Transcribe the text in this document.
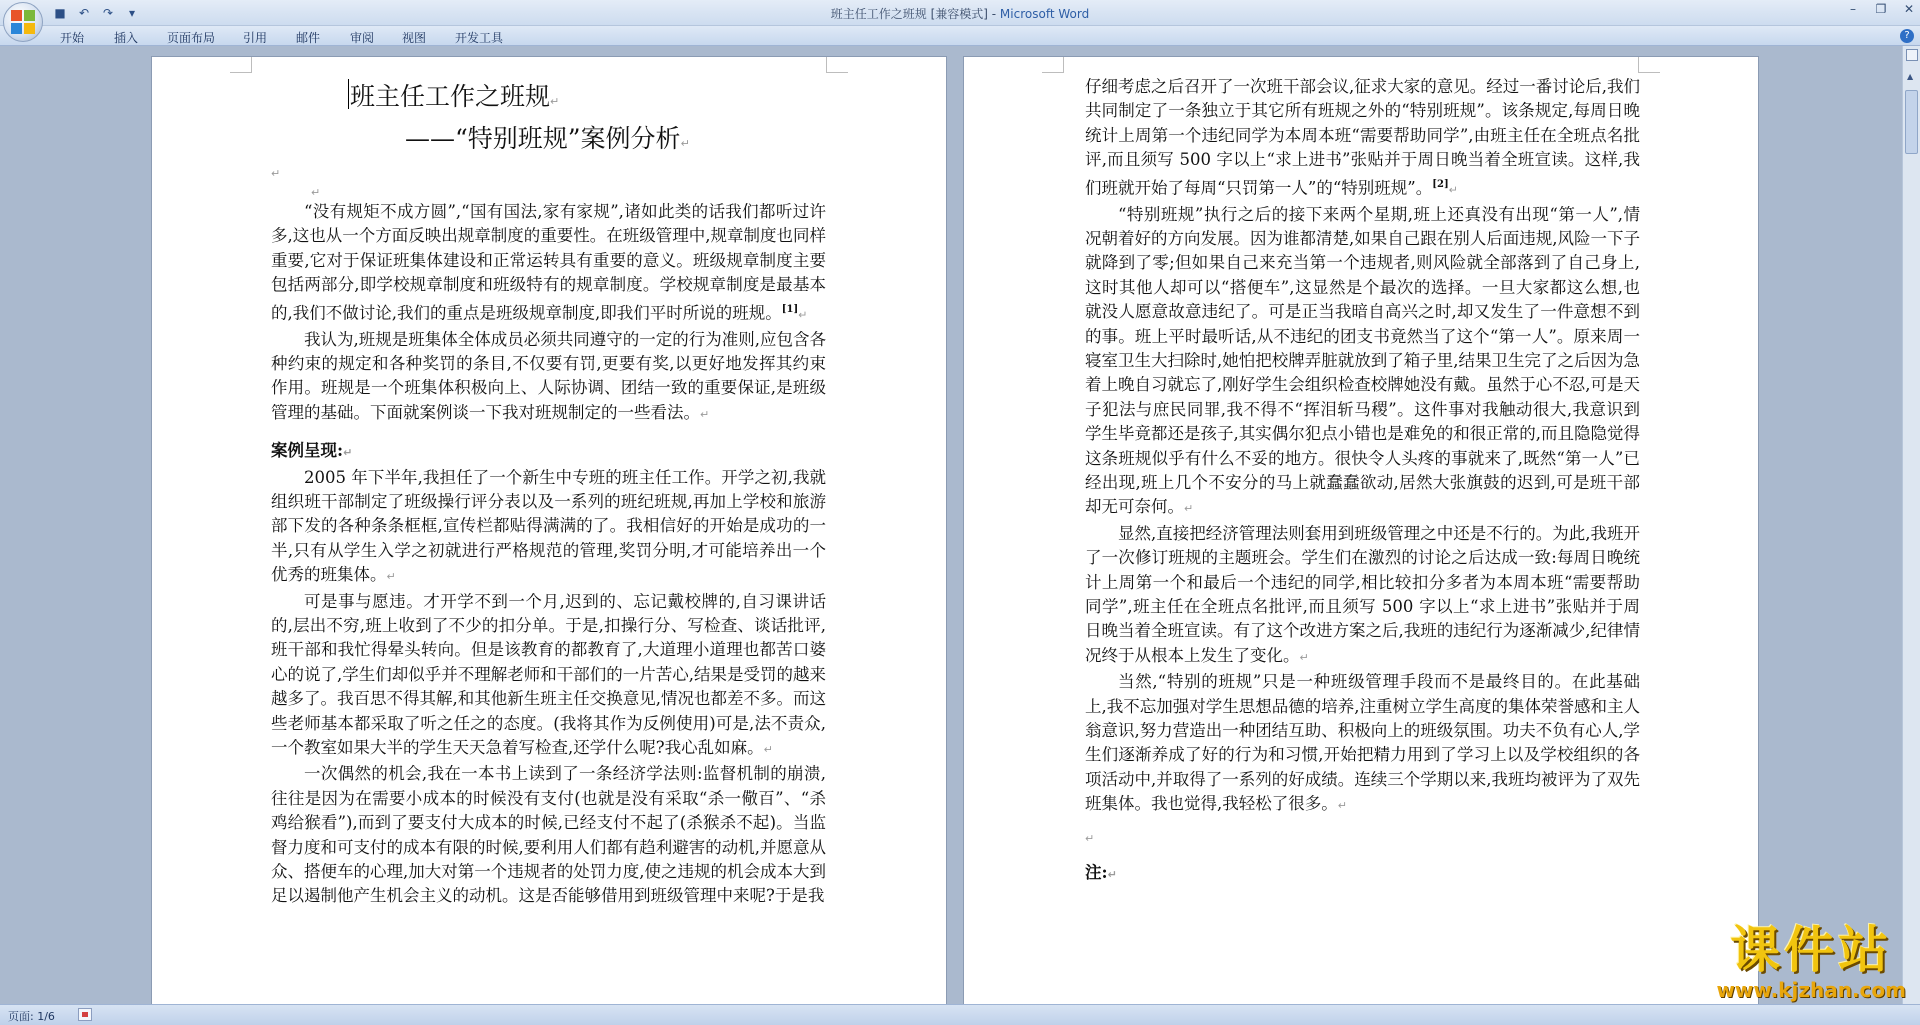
■ ↶ ↷	▾	班主任工作之班规 [兼容模式] - Microsoft Word	–	❐ ✕
开始 插入 页面布局 引用 邮件 审阅 视图 开发工具	?
班主任工作之班规↵
——“特别班规”案例分析↵
↵
↵
“没有规矩不成方圆”,“国有国法,家有家规”,诸如此类的话我们都听过许多,这也从一个方面反映出规章制度的重要性。在班级管理中,规章制度也同样重要,它对于保证班集体建设和正常运转具有重要的意义。班级规章制度主要包括两部分,即学校规章制度和班级特有的规章制度。学校规章制度是最基本的,我们不做讨论,我们的重点是班级规章制度,即我们平时所说的班规。[1]↵
我认为,班规是班集体全体成员必须共同遵守的一定的行为准则,应包含各种约束的规定和各种奖罚的条目,不仅要有罚,更要有奖,以更好地发挥其约束作用。班规是一个班集体积极向上、人际协调、团结一致的重要保证,是班级管理的基础。下面就案例谈一下我对班规制定的一些看法。↵
案例呈现:↵
2005 年下半年,我担任了一个新生中专班的班主任工作。开学之初,我就组织班干部制定了班级操行评分表以及一系列的班纪班规,再加上学校和旅游部下发的各种条条框框,宣传栏都贴得满满的了。我相信好的开始是成功的一半,只有从学生入学之初就进行严格规范的管理,奖罚分明,才可能培养出一个优秀的班集体。↵
可是事与愿违。才开学不到一个月,迟到的、忘记戴校牌的,自习课讲话的,层出不穷,班上收到了不少的扣分单。于是,扣操行分、写检查、谈话批评,班干部和我忙得晕头转向。但是该教育的都教育了,大道理小道理也都苦口婆心的说了,学生们却似乎并不理解老师和干部们的一片苦心,结果是受罚的越来越多了。我百思不得其解,和其他新生班主任交换意见,情况也都差不多。而这些老师基本都采取了听之任之的态度。(我将其作为反例使用)可是,法不责众,一个教室如果大半的学生天天急着写检查,还学什么呢?我心乱如麻。↵
一次偶然的机会,我在一本书上读到了一条经济学法则:监督机制的崩溃,往往是因为在需要小成本的时候没有支付(也就是没有采取“杀一儆百”、“杀鸡给猴看”),而到了要支付大成本的时候,已经支付不起了(杀猴杀不起)。当监督力度和可支付的成本有限的时候,要利用人们都有趋利避害的动机,并愿意从众、搭便车的心理,加大对第一个违规者的处罚力度,使之违规的机会成本大到足以遏制他产生机会主义的动机。这是否能够借用到班级管理中来呢?于是我
仔细考虑之后召开了一次班干部会议,征求大家的意见。经过一番讨论后,我们共同制定了一条独立于其它所有班规之外的“特别班规”。该条规定,每周日晚统计上周第一个违纪同学为本周本班“需要帮助同学”,由班主任在全班点名批评,而且须写 500 字以上“求上进书”张贴并于周日晚当着全班宣读。这样,我们班就开始了每周“只罚第一人”的“特别班规”。[2]↵
“特别班规”执行之后的接下来两个星期,班上还真没有出现“第一人”,情况朝着好的方向发展。因为谁都清楚,如果自己跟在别人后面违规,风险一下子就降到了零;但如果自己来充当第一个违规者,则风险就全部落到了自己身上,这时其他人却可以“搭便车”,这显然是个最次的选择。一旦大家都这么想,也就没人愿意故意违纪了。可是正当我暗自高兴之时,却又发生了一件意想不到的事。班上平时最听话,从不违纪的团支书竟然当了这个“第一人”。原来周一寝室卫生大扫除时,她怕把校牌弄脏就放到了箱子里,结果卫生完了之后因为急着上晚自习就忘了,刚好学生会组织检查校牌她没有戴。虽然于心不忍,可是天子犯法与庶民同罪,我不得不“挥泪斩马稷”。这件事对我触动很大,我意识到学生毕竟都还是孩子,其实偶尔犯点小错也是难免的和很正常的,而且隐隐觉得这条班规似乎有什么不妥的地方。很快令人头疼的事就来了,既然“第一人”已经出现,班上几个不安分的马上就蠢蠢欲动,居然大张旗鼓的迟到,可是班干部却无可奈何。↵
显然,直接把经济管理法则套用到班级管理之中还是不行的。为此,我班开了一次修订班规的主题班会。学生们在激烈的讨论之后达成一致:每周日晚统计上周第一个和最后一个违纪的同学,相比较扣分多者为本周本班“需要帮助同学”,班主任在全班点名批评,而且须写 500 字以上“求上进书”张贴并于周日晚当着全班宣读。有了这个改进方案之后,我班的违纪行为逐渐减少,纪律情况终于从根本上发生了变化。↵
当然,“特别的班规”只是一种班级管理手段而不是最终目的。在此基础上,我不忘加强对学生思想品德的培养,注重树立学生高度的集体荣誉感和主人翁意识,努力营造出一种团结互助、积极向上的班级氛围。功夫不负有心人,学生们逐渐养成了好的行为和习惯,开始把精力用到了学习上以及学校组织的各项活动中,并取得了一系列的好成绩。连续三个学期以来,我班均被评为了双先班集体。我也觉得,我轻松了很多。↵
↵
注:↵
▲
页面: 1/6
课件站
www.kjzhan.com
